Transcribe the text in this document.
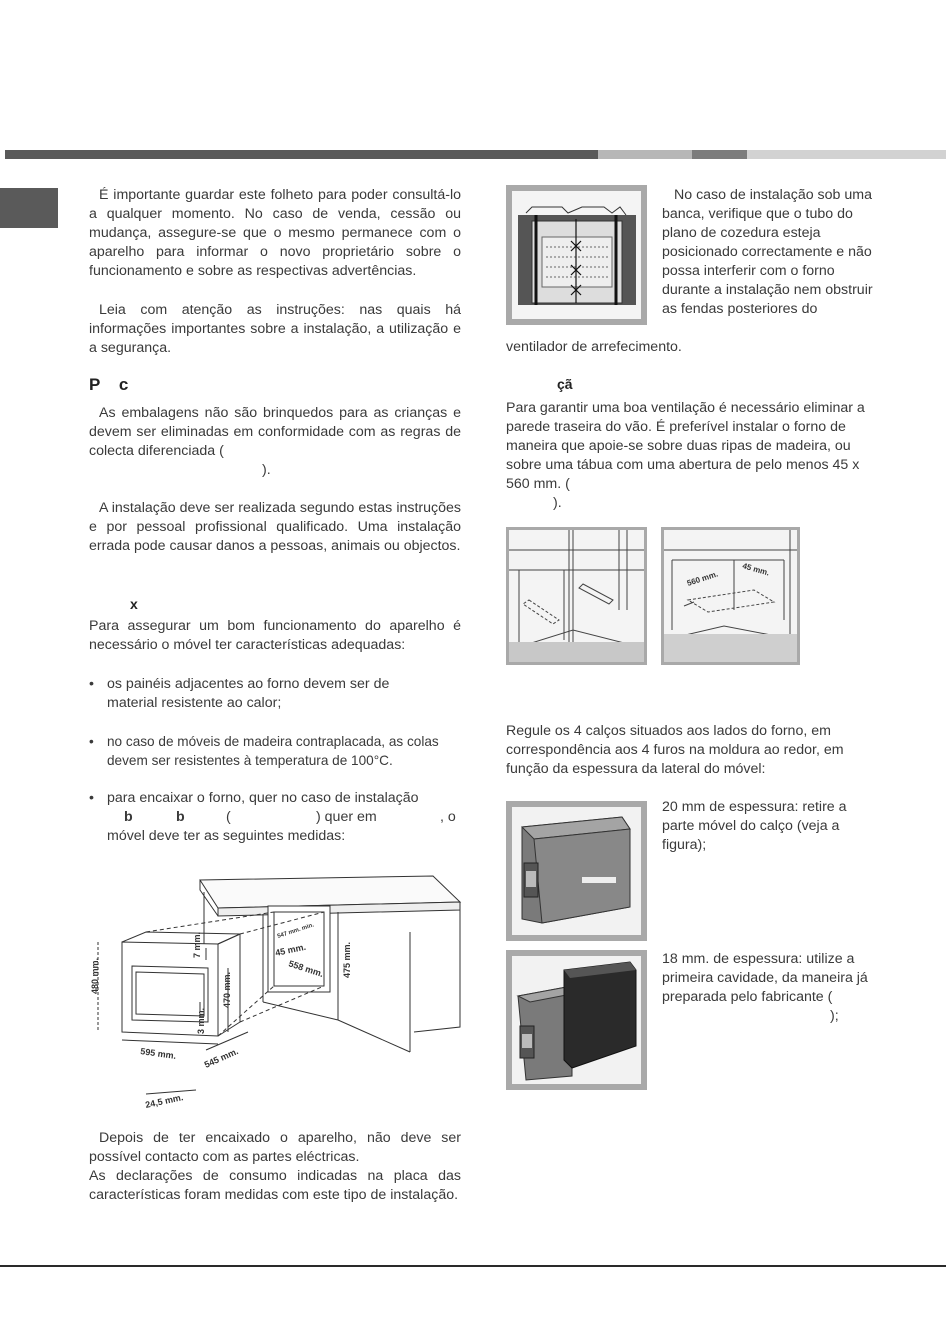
É importante guardar este folheto para poder consultá-lo a qualquer momento. No caso de venda, cessão ou mudança, assegure-se que o mesmo permanece com o aparelho para informar o novo proprietário sobre o funcionamento e sobre as respectivas advertências.

Leia com atenção as instruções: nas quais há informações importantes sobre a instalação, a utilização e a segurança.

P    c

As embalagens não são brinquedos para as crianças e devem ser eliminadas em conformidade com as regras de colecta diferenciada (

).

A instalação deve ser realizada segundo estas instruções e por pessoal profissional qualificado. Uma instalação errada pode causar danos a pessoas, animais ou objectos.

x

Para assegurar um bom funcionamento do aparelho é necessário o móvel ter características adequadas:

• os painéis adjacentes ao forno devem ser de material resistente ao calor;
• no caso de móveis de madeira contraplacada, as colas devem ser resistentes à temperatura de 100°C.
• para encaixar o forno, quer no caso de instalação
b	b	(	) quer em	, o
móvel deve ter as seguintes medidas:
480 mm.
7 mm.
470 mm.
3 mm.
595 mm.	545 mm.
24,5 mm.
547 mm. min.
45 mm.
558 mm. 475 mm.

Depois de ter encaixado o aparelho, não deve ser possível contacto com as partes eléctricas.

As declarações de consumo indicadas na placa das características foram medidas com este tipo de instalação.

No caso de instalação sob uma banca, verifique que o tubo do plano de cozedura esteja posicionado correctamente e não possa interferir com o forno durante a instalação nem obstruir as fendas posteriores do

ventilador de arrefecimento.

çã

Para garantir uma boa ventilação é necessário eliminar a parede traseira do vão. É preferível instalar o forno de maneira que apoie-se sobre duas ripas de madeira, ou sobre uma tábua com uma abertura de pelo menos 45 x 560 mm. (

).

560 mm.
45 mm.

Regule os 4 calços situados aos lados do forno, em correspondência aos 4 furos na moldura ao redor, em função da espessura da lateral do móvel:

20 mm de espessura: retire a parte móvel do calço (veja a figura);

18 mm. de espessura: utilize a primeira cavidade, da maneira já preparada pelo fabricante (

);
